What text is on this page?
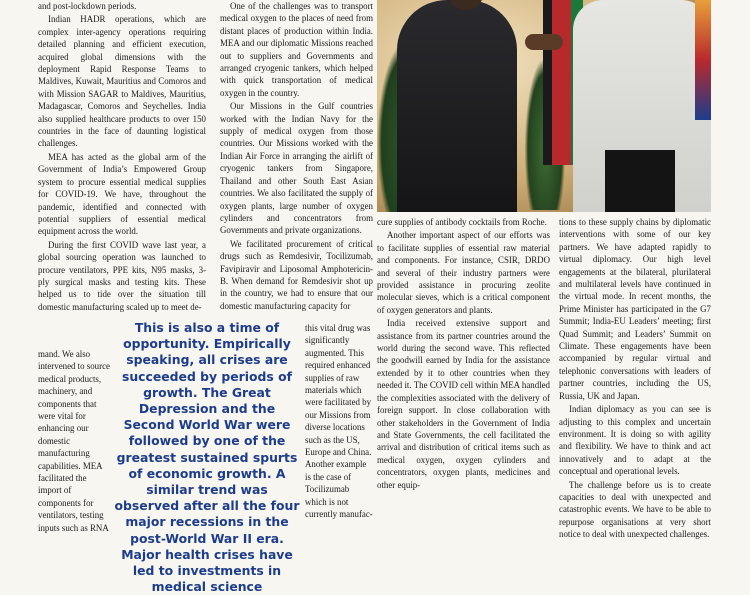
and post-lockdown periods.

Indian HADR operations, which are complex inter-agency operations requiring detailed planning and efficient execution, acquired global dimensions with the deployment Rapid Response Teams to Maldives, Kuwait, Mauritius and Comoros and with Mission SAGAR to Maldives, Mauritius, Madagascar, Comoros and Seychelles. India also supplied healthcare products to over 150 countries in the face of daunting logistical challenges.

MEA has acted as the global arm of the Government of India’s Empowered Group system to procure essential medical supplies for COVID-19. We have, throughout the pandemic, identified and connected with potential suppliers of essential medical equipment across the world.

During the first COVID wave last year, a global sourcing operation was launched to procure ventilators, PPE kits, N95 masks, 3-ply surgical masks and testing kits. These helped us to tide over the situation till domestic manufacturing scaled up to meet de-

mand. We also intervened to source medical products, machinery, and components that were vital for enhancing our domestic manufacturing capabilities. MEA facilitated the import of components for ventilators, testing inputs such as RNA

One of the challenges was to transport medical oxygen to the places of need from distant places of production within India. MEA and our diplomatic Missions reached out to suppliers and Governments and arranged cryogenic tankers, which helped with quick transportation of medical oxygen in the country.

Our Missions in the Gulf countries worked with the Indian Navy for the supply of medical oxygen from those countries. Our Missions worked with the Indian Air Force in arranging the airlift of cryogenic tankers from Singapore, Thailand and other South East Asian countries. We also facilitated the supply of oxygen plants, large number of oxygen cylinders and concentrators from Governments and private organizations.

We facilitated procurement of critical drugs such as Remdesivir, Tocilizumab, Favipiravir and Liposomal Amphotericin-B. When demand for Remdesivir shot up in the country, we had to ensure that our domestic manufacturing capacity for

this vital drug was significantly augmented. This required enhanced supplies of raw materials which were facilitated by our Missions from diverse locations such as the US, Europe and China. Another example is the case of Tocilizumab which is not currently manufac-

This is also a time of opportunity. Empirically speaking, all crises are succeeded by periods of growth. The Great Depression and the Second World War were followed by one of the greatest sustained spurts of economic growth. A similar trend was observed after all the four major recessions in the post-World War II era. Major health crises have led to investments in medical science

cure supplies of antibody cocktails from Roche.

Another important aspect of our efforts was to facilitate supplies of essential raw material and components. For instance, CSIR, DRDO and several of their industry partners were provided assistance in procuring zeolite molecular sieves, which is a critical component of oxygen generators and plants.

India received extensive support and assistance from its partner countries around the world during the second wave. This reflected the goodwill earned by India for the assistance extended by it to other countries when they needed it. The COVID cell within MEA handled the complexities associated with the delivery of foreign support. In close collaboration with other stakeholders in the Government of India and State Governments, the cell facilitated the arrival and distribution of critical items such as medical oxygen, oxygen cylinders and concentrators, oxygen plants, medicines and other equip-

tions to these supply chains by diplomatic interventions with some of our key partners. We have adapted rapidly to virtual diplomacy. Our high level engagements at the bilateral, plurilateral and multilateral levels have continued in the virtual mode. In recent months, the Prime Minister has participated in the G7 Summit; India-EU Leaders’ meeting; first Quad Summit; and Leaders’ Summit on Climate. These engagements have been accompanied by regular virtual and telephonic conversations with leaders of partner countries, including the US, Russia, UK and Japan.

Indian diplomacy as you can see is adjusting to this complex and uncertain environment. It is doing so with agility and flexibility. We have to think and act innovatively and to adapt at the conceptual and operational levels.

The challenge before us is to create capacities to deal with unexpected and catastrophic events. We have to be able to repurpose organisations at very short notice to deal with unexpected challenges.
